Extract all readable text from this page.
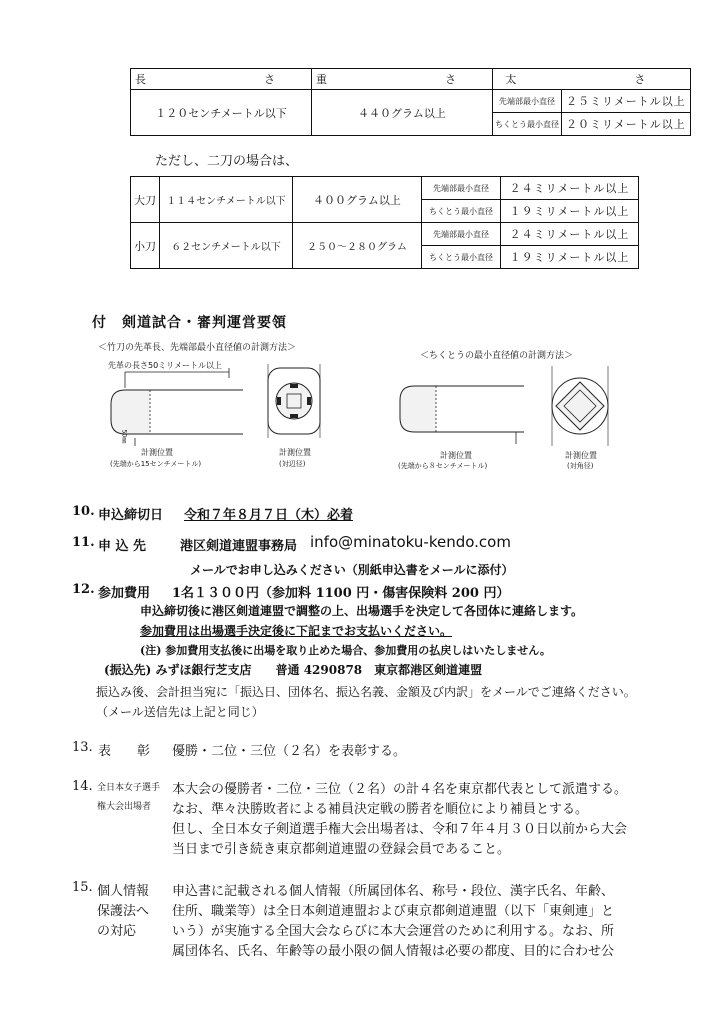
長　　さ	重　　さ	太　　さ	
１２０センチメートル以下	４４０グラム以上	先端部最小直径	２５ミリメートル以上
		ちくとう最小直径	２０ミリメートル以上
ただし、二刀の場合は、
大刀	１１４センチメートル以下	４００グラム以上	先端部最小直径	２４ミリメートル以上
			ちくとう最小直径	１９ミリメートル以上
小刀	６２センチメートル以下	２５０～２８０グラム	先端部最小直径	２４ミリメートル以上
			ちくとう最小直径	１９ミリメートル以上
付　剣道試合・審判運営要領
＜竹刀の先革長、先端部最小直径値の計測方法＞
先革の長さ50ミリメートル以上
50㎜
計測位置
(先端から15センチメートル)
計測位置
(対辺径)
＜ちくとうの最小直径値の計測方法＞
計測位置
(先端から８センチメートル)
計測位置
(対角径)
10. 申込締切日 令和７年８月７日（木）必着
11. 申 込 先	港区剣道連盟事務局 info@minatoku-kendo.com
メールでお申し込みください（別紙申込書をメールに添付）
12. 参加費用 1名１３００円（参加料 1100 円・傷害保険料 200 円）
申込締切後に港区剣道連盟で調整の上、出場選手を決定して各団体に連絡します。
参加費用は出場選手決定後に下記までお支払いください。
(注) 参加費用支払後に出場を取り止めた場合、参加費用の払戻しはいたしません。
(振込先) みずほ銀行芝支店　　普通 4290878　東京都港区剣道連盟
振込み後、会計担当宛に「振込日、団体名、振込名義、金額及び内訳」をメールでご連絡ください。
（メール送信先は上記と同じ）
13. 表　　彰 優勝・二位・三位（２名）を表彰する。
14. 全日本女子選手
権大会出場者
本大会の優勝者・二位・三位（２名）の計４名を東京都代表として派遣する。
なお、準々決勝敗者による補員決定戦の勝者を順位により補員とする。
但し、全日本女子剣道選手権大会出場者は、令和７年４月３０日以前から大会
当日まで引き続き東京都剣道連盟の登録会員であること。
15. 個人情報
保護法へ
の対応
申込書に記載される個人情報（所属団体名、称号・段位、漢字氏名、年齢、
住所、職業等）は全日本剣道連盟および東京都剣道連盟（以下「東剣連」と
いう）が実施する全国大会ならびに本大会運営のために利用する。なお、所
属団体名、氏名、年齢等の最小限の個人情報は必要の都度、目的に合わせ公
